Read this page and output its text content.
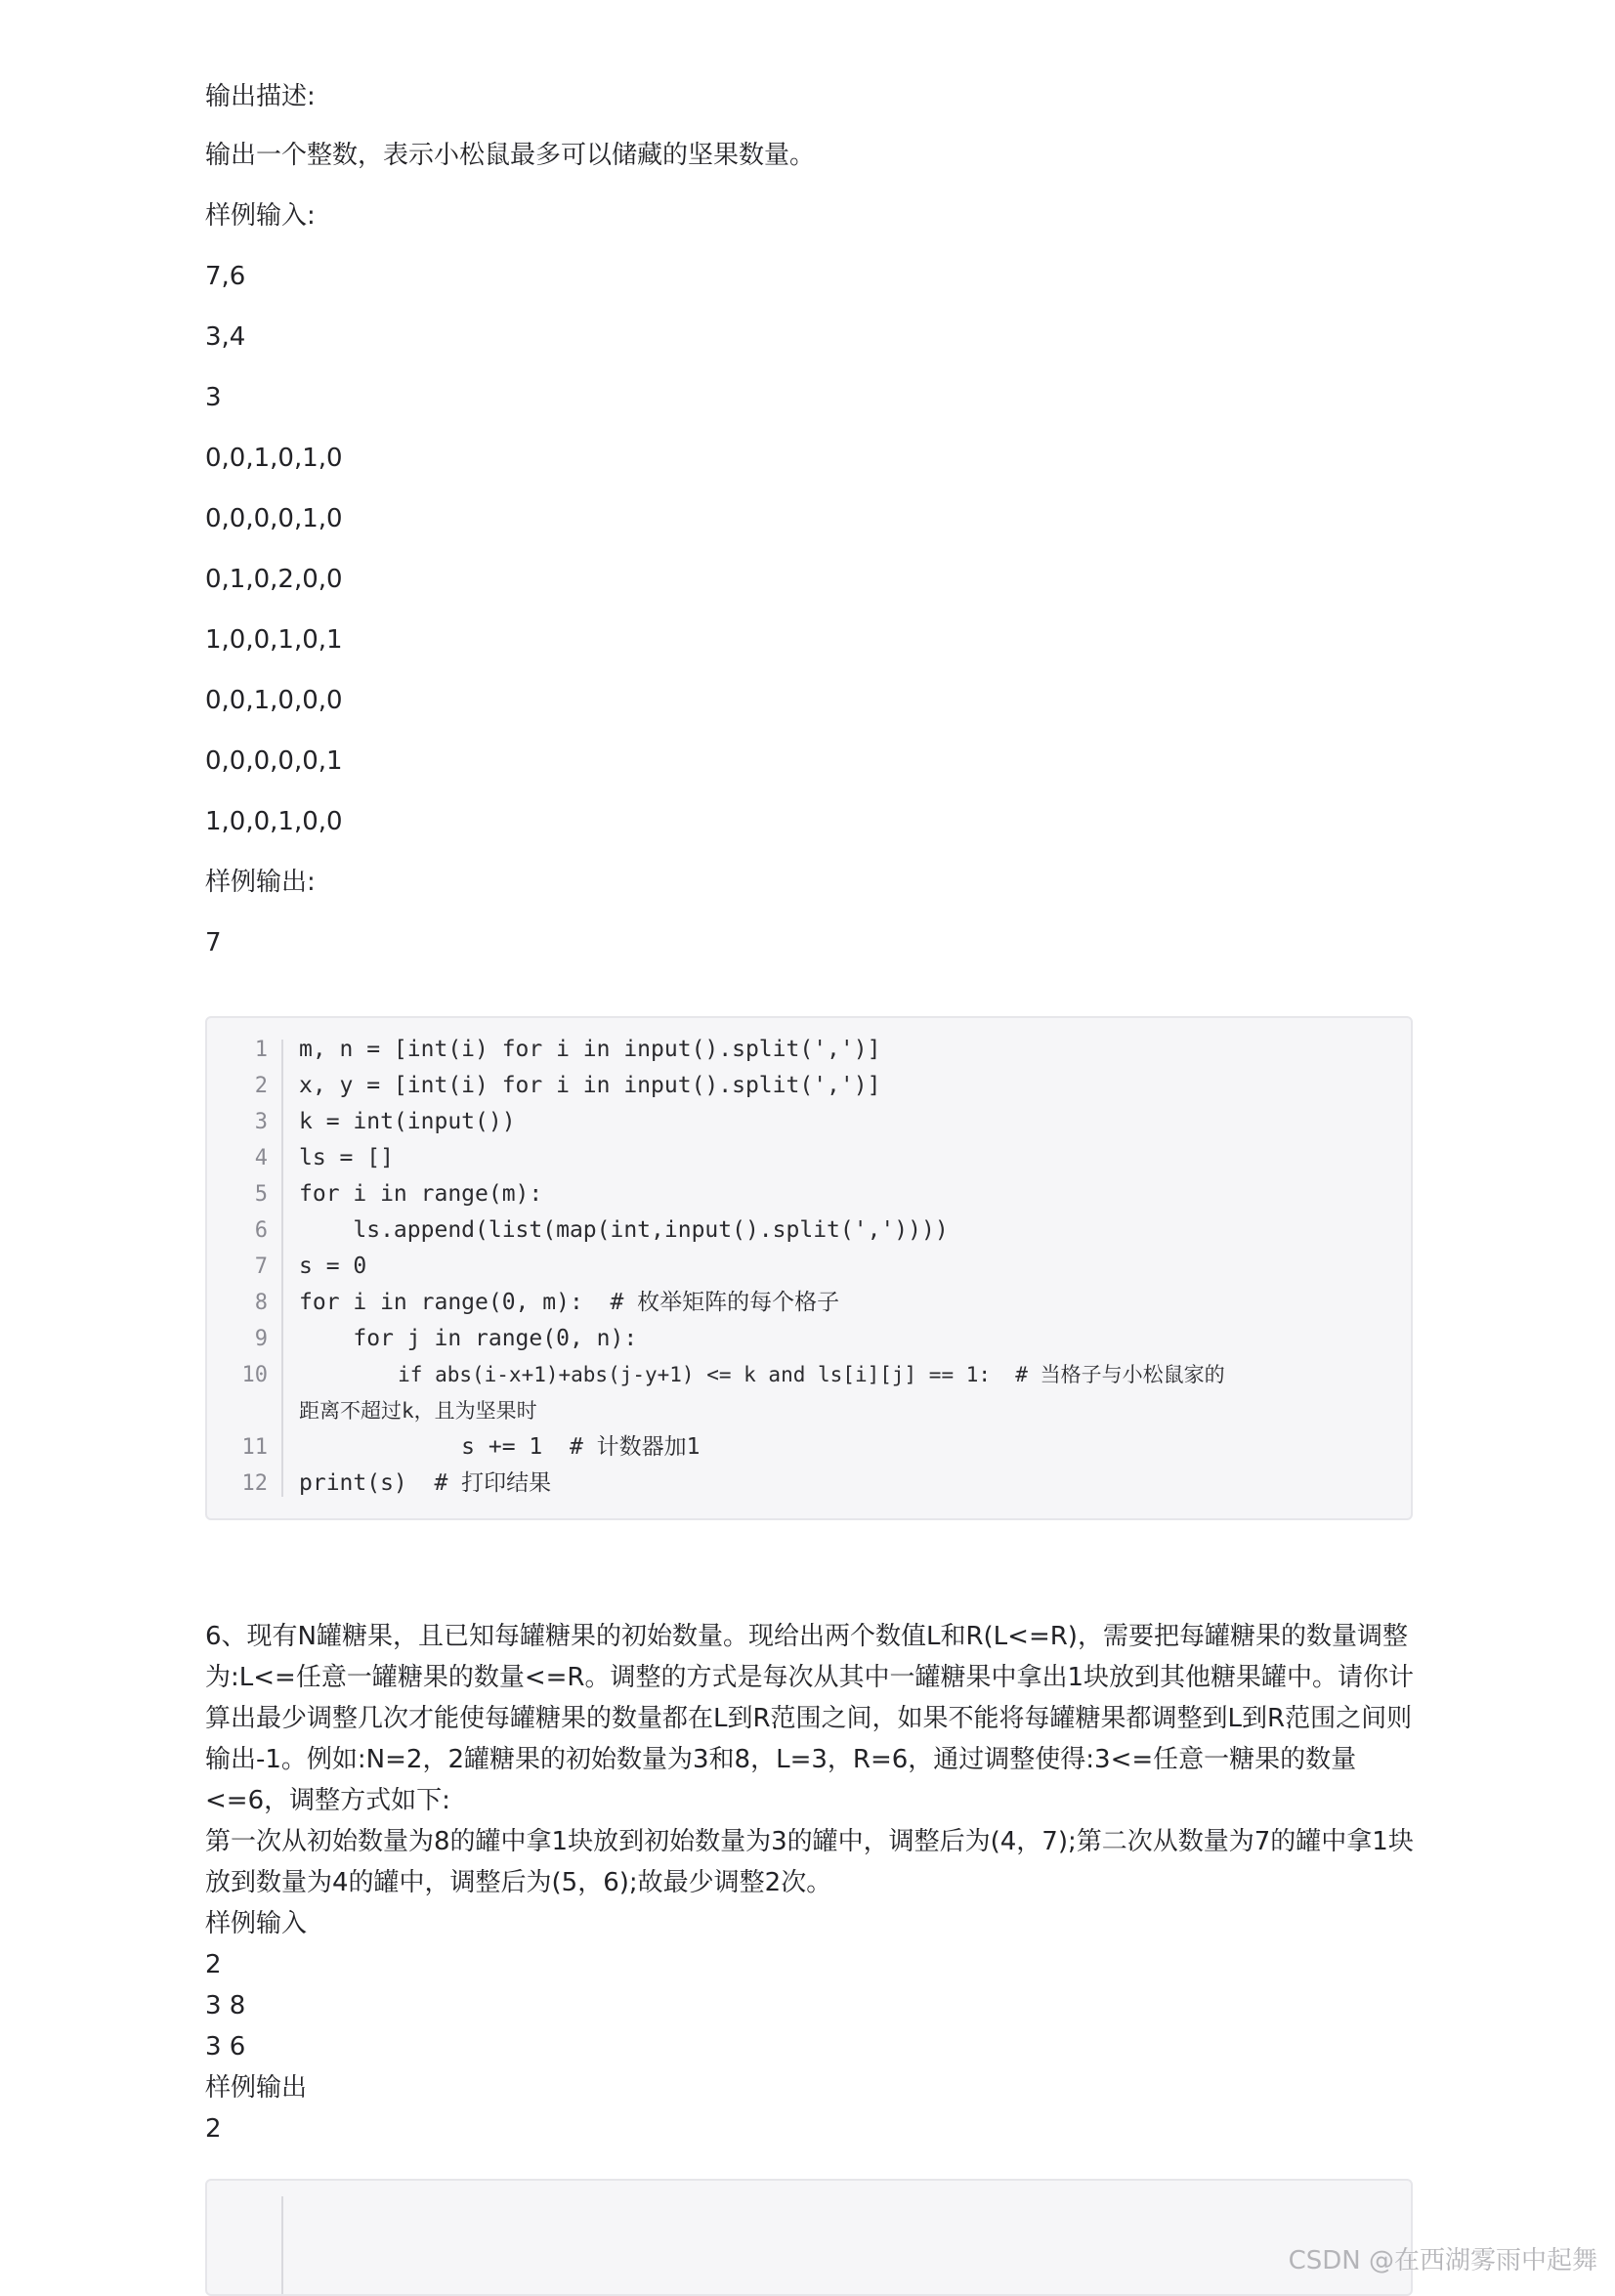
输出描述:
输出一个整数，表示小松鼠最多可以储藏的坚果数量。
样例输入:
7,6
3,4
3
0,0,1,0,1,0
0,0,0,0,1,0
0,1,0,2,0,0
1,0,0,1,0,1
0,0,1,0,0,0
0,0,0,0,0,1
1,0,0,1,0,0
样例输出:
7
1 m, n = [int(i) for i in input().split(',')]
2 x, y = [int(i) for i in input().split(',')]
3 k = int(input())
4 ls = []
5 for i in range(m):
6 ls.append(list(map(int,input().split(','))))
7 s = 0
8 for i in range(0, m):  # 枚举矩阵的每个格子
9 for j in range(0, n):
10 if abs(i-x+1)+abs(j-y+1) <= k and ls[i][j] == 1:  # 当格子与小松鼠家的
距离不超过k，且为坚果时
11 s += 1  # 计数器加1
12 print(s)  # 打印结果
6、现有N罐糖果，且已知每罐糖果的初始数量。现给出两个数值L和R(L<=R)，需要把每罐糖果的数量调整为:L<=任意一罐糖果的数量<=R。调整的方式是每次从其中一罐糖果中拿出1块放到其他糖果罐中。请你计算出最少调整几次才能使每罐糖果的数量都在L到R范围之间，如果不能将每罐糖果都调整到L到R范围之间则输出-1。例如:N=2，2罐糖果的初始数量为3和8，L=3，R=6，通过调整使得:3<=任意一糖果的数量<=6，调整方式如下:
第一次从初始数量为8的罐中拿1块放到初始数量为3的罐中，调整后为(4，7);第二次从数量为7的罐中拿1块放到数量为4的罐中，调整后为(5，6);故最少调整2次。
样例输入
2
3 8
3 6
样例输出
2
CSDN @在西湖雾雨中起舞
